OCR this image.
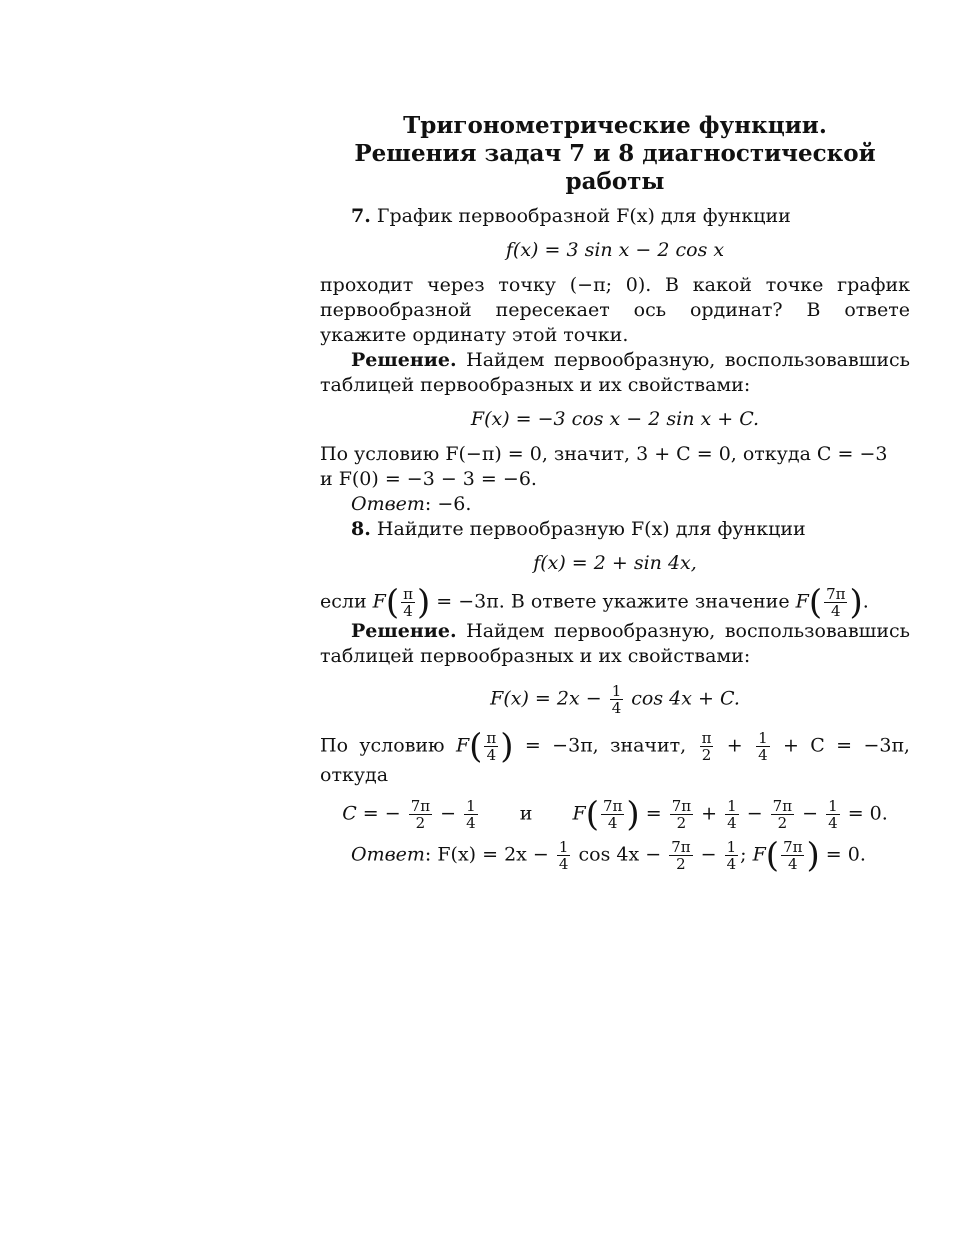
Тригонометрические функции.
Решения задач 7 и 8 диагностической работы

7. График первообразной F(x) для функции

f(x) = 3 sin x − 2 cos x

проходит через точку (−π; 0). В какой точке график первообразной пересекает ось ординат? В ответе укажите ординату этой точки.

Решение. Найдем первообразную, воспользовавшись таблицей первообразных и их свойствами:

F(x) = −3 cos x − 2 sin x + C.

По условию F(−π) = 0, значит, 3 + C = 0, откуда C = −3

и F(0) = −3 − 3 = −6.

Ответ: −6.

8. Найдите первообразную F(x) для функции

f(x) = 2 + sin 4x,

если $F( \frac{\pi}{4}$ ) = −3π. В ответе укажите значение $F( \frac{7\pi}{4}$ ).

Решение. Найдем первообразную, воспользовавшись таблицей первообразных и их свойствами:

$F(x) = 2x - \frac{1}{4}$ cos 4x + C.

По условию $F( \frac{\pi}{4}$ ) = −3π, значит, $\frac{\pi}{2} + \frac{1}{4} + C = -3\pi$, откуда

C = − $\frac{7\pi}{2} - \frac{1}{4}$ и $F( \frac{7\pi}{4}$ ) = $\frac{7\pi}{2} + \frac{1}{4} - \frac{7\pi}{2} - \frac{1}{4} = 0$.

Ответ: $F(x) = 2x - \frac{1}{4}$ $\cos 4x - \frac{7\pi}{2} - \frac{1}{4}$ ; $F( \frac{7\pi}{4}$ ) = 0.
